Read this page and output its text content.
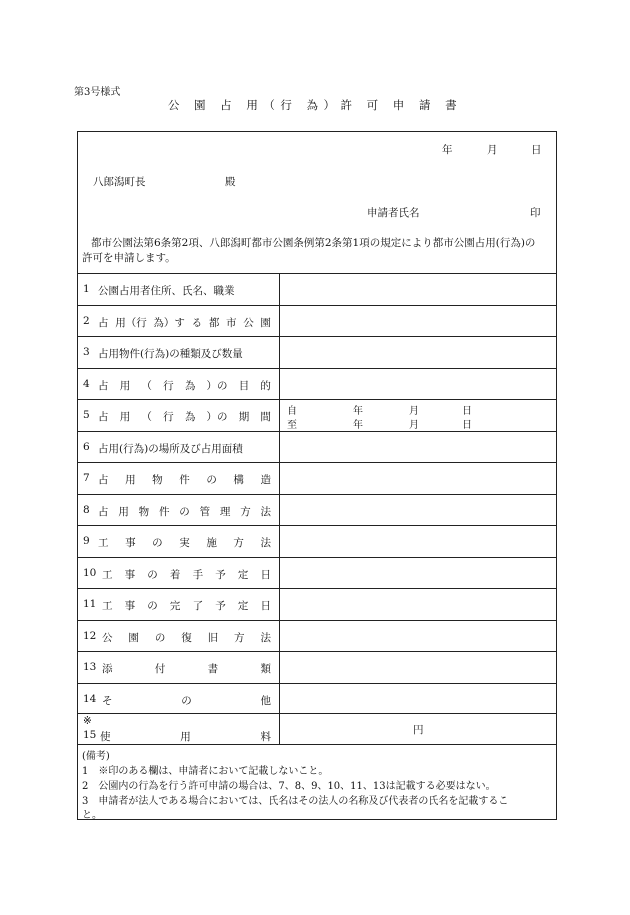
第3号様式
公 園 占 用（行 為）許 可 申 請 書
年	月	日
八郎潟町長	殿
申請者氏名	印
都市公園法第6条第2項、八郎潟町都市公園条例第2条第1項の規定により都市公園占用(行為)の
許可を申請します。
1 公園占用者住所、氏名、職業
2 占 用（行 為）す る 都 市 公 園
3 占用物件(行為)の種類及び数量
4 占 用 （ 行 為 ）の 目 的
5 占 用 （ 行 為 ）の 期 間 自	年	月	日
至	年	月	日
6 占用(行為)の場所及び占用面積
7 占 用 物 件 の 構 造
8 占 用 物 件 の 管 理 方 法
9 工 事 の 実 施 方 法
10 工 事 の 着 手 予 定 日
11 工 事 の 完 了 予 定 日
12 公 園 の 復 旧 方 法
13 添	付	書	類
14 そ	の	他
※
15 使	用	料
円
(備考)
1　※印のある欄は、申請者において記載しないこと。
2　公園内の行為を行う許可申請の場合は、7、8、9、10、11、13は記載する必要はない。
3　申請者が法人である場合においては、氏名はその法人の名称及び代表者の氏名を記載するこ
と。
